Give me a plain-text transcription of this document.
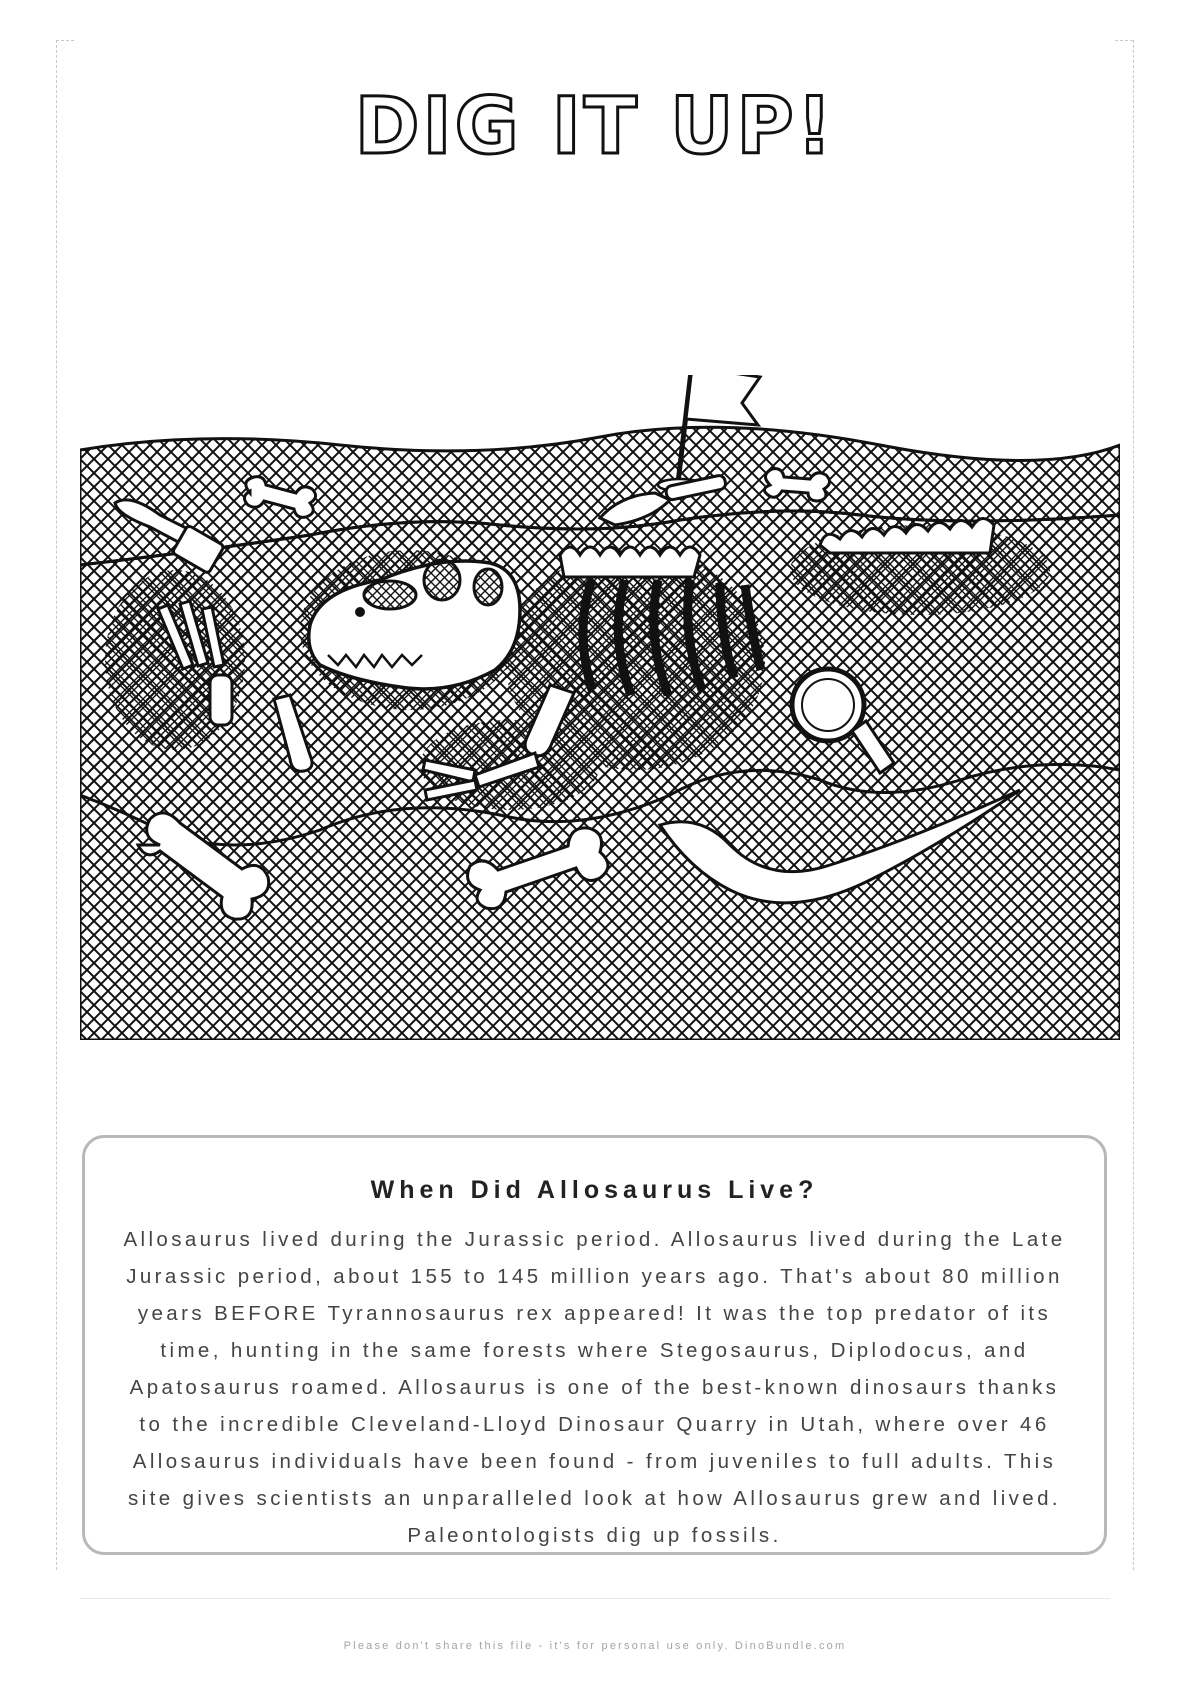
DIG IT UP!
When Did Allosaurus Live?

Allosaurus lived during the Jurassic period. Allosaurus lived during the Late Jurassic period, about 155 to 145 million years ago. That's about 80 million years BEFORE Tyrannosaurus rex appeared! It was the top predator of its time, hunting in the same forests where Stegosaurus, Diplodocus, and Apatosaurus roamed. Allosaurus is one of the best-known dinosaurs thanks to the incredible Cleveland-Lloyd Dinosaur Quarry in Utah, where over 46 Allosaurus individuals have been found - from juveniles to full adults. This site gives scientists an unparalleled look at how Allosaurus grew and lived. Paleontologists dig up fossils.

Please don't share this file - it's for personal use only. DinoBundle.com
